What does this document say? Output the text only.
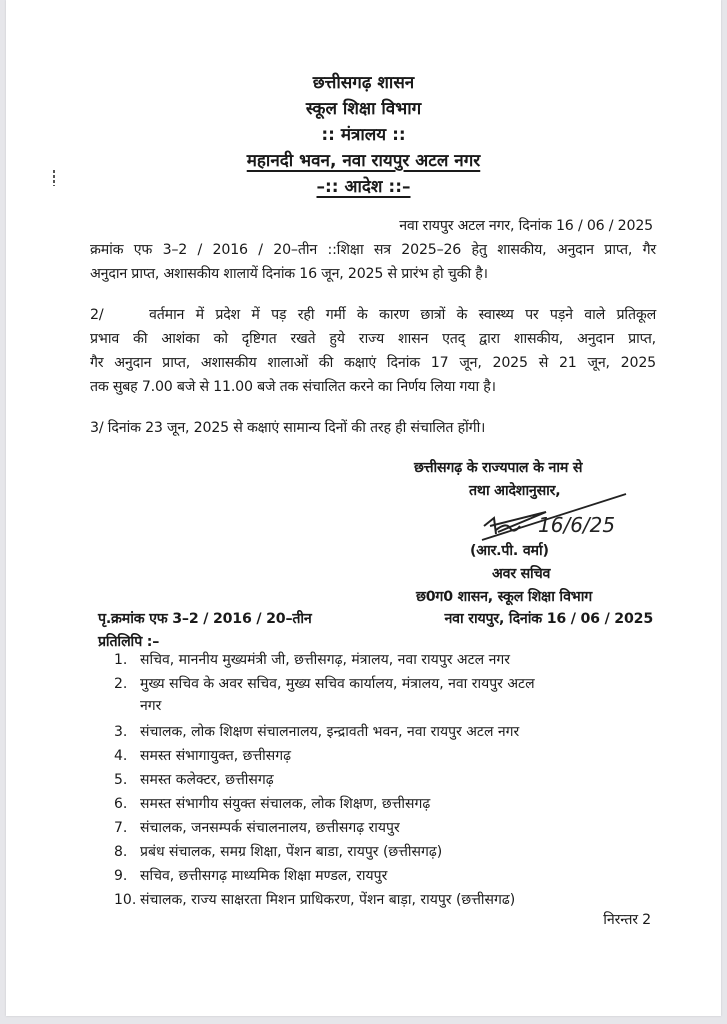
छत्तीसगढ़ शासन
स्कूल शिक्षा विभाग
:: मंत्रालय ::
महानदी भवन, नवा रायपुर अटल नगर
–:: आदेश ::–
नवा रायपुर अटल नगर, दिनांक 16 / 06 / 2025
क्रमांक एफ 3–2 / 2016 / 20–तीन ::शिक्षा सत्र 2025–26 हेतु शासकीय, अनुदान प्राप्त, गैर
अनुदान प्राप्त, अशासकीय शालायें दिनांक 16 जून, 2025 से प्रारंभ हो चुकी है।
2/    वर्तमान में प्रदेश में पड़ रही गर्मी के कारण छात्रों के स्वास्थ्य पर पड़ने वाले प्रतिकूल
प्रभाव की आशंका को दृष्टिगत रखते हुये राज्य शासन एतद् द्वारा शासकीय, अनुदान प्राप्त,
गैर अनुदान प्राप्त, अशासकीय शालाओं की कक्षाएं दिनांक 17 जून, 2025 से 21 जून, 2025
तक सुबह 7.00 बजे से 11.00 बजे तक संचालित करने का निर्णय लिया गया है।
3/ दिनांक 23 जून, 2025 से कक्षाएं सामान्य दिनों की तरह ही संचालित होंगी।
छत्तीसगढ़ के राज्यपाल के नाम से
तथा आदेशानुसार,
16/6/25
(आर.पी. वर्मा)
अवर सचिव
छ0ग0 शासन, स्कूल शिक्षा विभाग
पृ.क्रमांक एफ 3–2 / 2016 / 20–तीन	नवा रायपुर, दिनांक 16 / 06 / 2025
प्रतिलिपि :–
1. सचिव, माननीय मुख्यमंत्री जी, छत्तीसगढ़, मंत्रालय, नवा रायपुर अटल नगर
2. मुख्य सचिव के अवर सचिव, मुख्य सचिव कार्यालय, मंत्रालय, नवा रायपुर अटल
नगर
3. संचालक, लोक शिक्षण संचालनालय, इन्द्रावती भवन, नवा रायपुर अटल नगर
4. समस्त संभागायुक्त, छत्तीसगढ़
5. समस्त कलेक्टर, छत्तीसगढ़
6. समस्त संभागीय संयुक्त संचालक, लोक शिक्षण, छत्तीसगढ़
7. संचालक, जनसम्पर्क संचालनालय, छत्तीसगढ़ रायपुर
8. प्रबंध संचालक, समग्र शिक्षा, पेंशन बाडा, रायपुर (छत्तीसगढ़)
9. सचिव, छत्तीसगढ़ माध्यमिक शिक्षा मण्डल, रायपुर
10. संचालक, राज्य साक्षरता मिशन प्राधिकरण, पेंशन बाड़ा, रायपुर (छत्तीसगढ)
निरन्तर 2
